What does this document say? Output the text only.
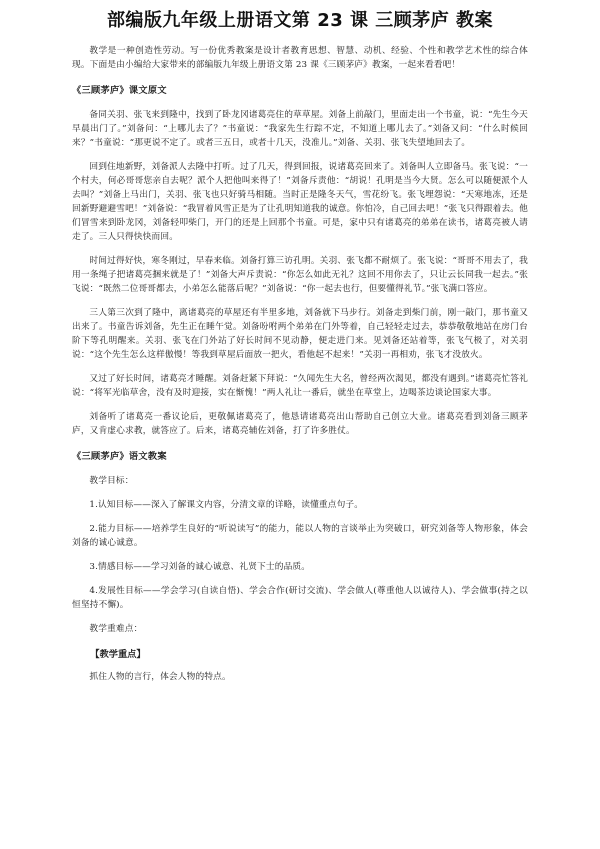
部编版九年级上册语文第 23 课 三顾茅庐 教案

教学是一种创造性劳动。写一份优秀教案是设计者教育思想、智慧、动机、经验、个性和教学艺术性的综合体现。下面是由小编给大家带来的部编版九年级上册语文第 23 课《三顾茅庐》教案，一起来看看吧！

《三顾茅庐》课文原文

备同关羽、张飞来到隆中，找到了卧龙冈诸葛亮住的草草屋。刘备上前敲门，里面走出一个书童，说：“先生今天早晨出门了。”刘备问：“上哪儿去了？”书童说：“我家先生行踪不定，不知道上哪儿去了。”刘备又问：“什么时候回来？”书童说：“那更说不定了。或者三五日，或者十几天，没准儿。”刘备、关羽、张飞失望地回去了。

回到住地新野，刘备派人去隆中打听。过了几天，得到回报，说诸葛亮回来了。刘备叫人立即备马。张飞说：“一个村夫，何必哥哥您亲自去呢？派个人把他叫来得了！”刘备斥责他：“胡说！孔明是当今大贤。怎么可以随便派个人去叫？”刘备上马出门，关羽、张飞也只好骑马相随。当时正是隆冬天气，雪花纷飞。张飞埋怨说：“天寒地冻，还是回新野避避雪吧！”刘备说：“我冒着风雪正是为了让孔明知道我的诚意。你怕冷，自己回去吧！”张飞只得跟着去。他们冒雪来到卧龙冈，刘备轻叩柴门，开门的还是上回那个书童。可是，家中只有诸葛亮的弟弟在读书，诸葛亮被人请走了。三人只得快快而回。

时间过得好快，寒冬刚过，早春来临。刘备打算三访孔明。关羽、张飞都不耐烦了。张飞说：“哥哥不用去了，我用一条绳子把诸葛亮捆来就是了！”刘备大声斥责说：“你怎么如此无礼？这回不用你去了，只让云长同我一起去。”张飞说：“既然二位哥哥都去，小弟怎么能落后呢？”刘备说：“你一起去也行，但要懂得礼节。”张飞满口答应。

三人第三次到了隆中，离诸葛亮的草屋还有半里多地，刘备就下马步行。刘备走到柴门前，刚一敲门，那书童又出来了。书童告诉刘备，先生正在睡午觉。刘备吩咐两个弟弟在门外等着，自己轻轻走过去，恭恭敬敬地站在房门台阶下等孔明醒来。关羽、张飞在门外站了好长时间不见动静，便走进门来。见刘备还站着等，张飞气极了，对关羽说：“这个先生怎么这样傲慢！等我到草屋后面放一把火，看他起不起来！”关羽一再相劝，张飞才没放火。

又过了好长时间，诸葛亮才睡醒。刘备赶紧下拜说：“久闻先生大名，曾经两次渴见，都没有遇到。”诸葛亮忙答礼说：“将军光临草舍，没有及时迎接，实在惭愧！”两人礼让一番后，就坐在草堂上，边喝茶边谈论国家大事。

刘备听了诸葛亮一番议论后，更敬佩诸葛亮了，他恳请诸葛亮出山帮助自己创立大业。诸葛亮看到刘备三顾茅庐，又肯虚心求教，就答应了。后来，诸葛亮辅佐刘备，打了许多胜仗。

《三顾茅庐》语文教案

教学目标：

1.认知目标——深入了解课文内容，分清文章的详略，读懂重点句子。

2.能力目标——培养学生良好的“听说读写”的能力，能以人物的言谈举止为突破口，研究刘备等人物形象，体会刘备的诚心诚意。

3.情感目标——学习刘备的诚心诚意、礼贤下士的品质。

4.发展性目标——学会学习(自读自悟)、学会合作(研讨交流)、学会做人(尊重他人以诚待人)、学会做事(持之以恒坚持不懈)。

教学重难点：

【教学重点】

抓住人物的言行，体会人物的特点。
